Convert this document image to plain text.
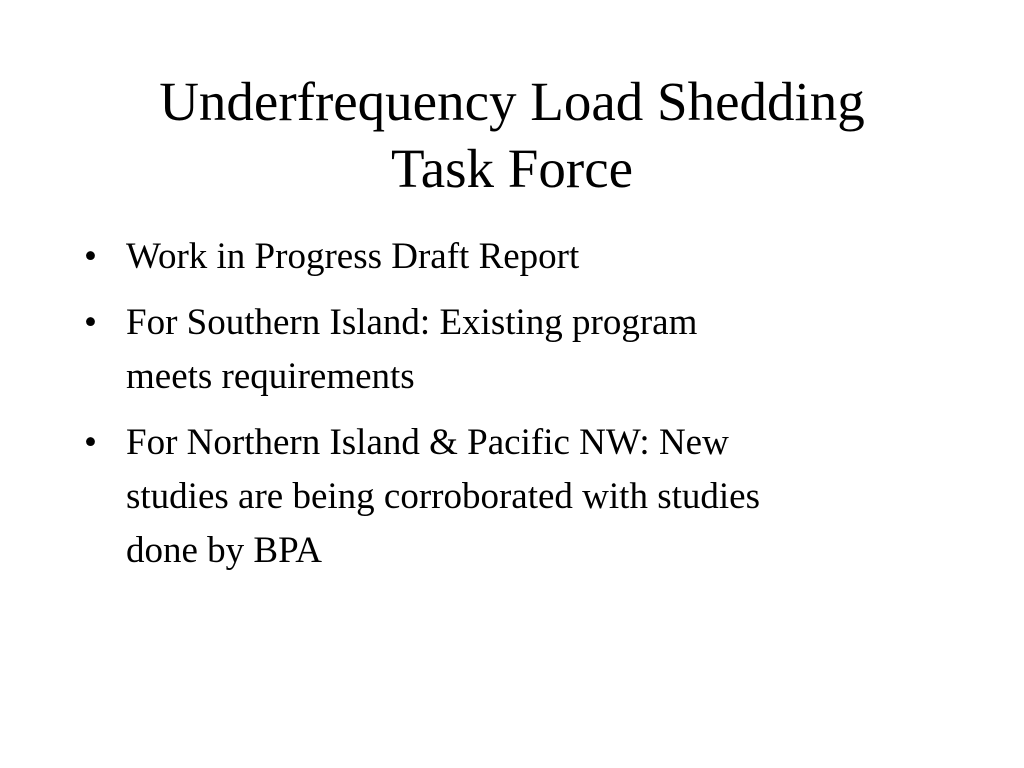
Underfrequency Load Shedding
Task Force
• Work in Progress Draft Report
• For Southern Island: Existing program
meets requirements
• For Northern Island & Pacific NW: New
studies are being corroborated with studies
done by BPA
